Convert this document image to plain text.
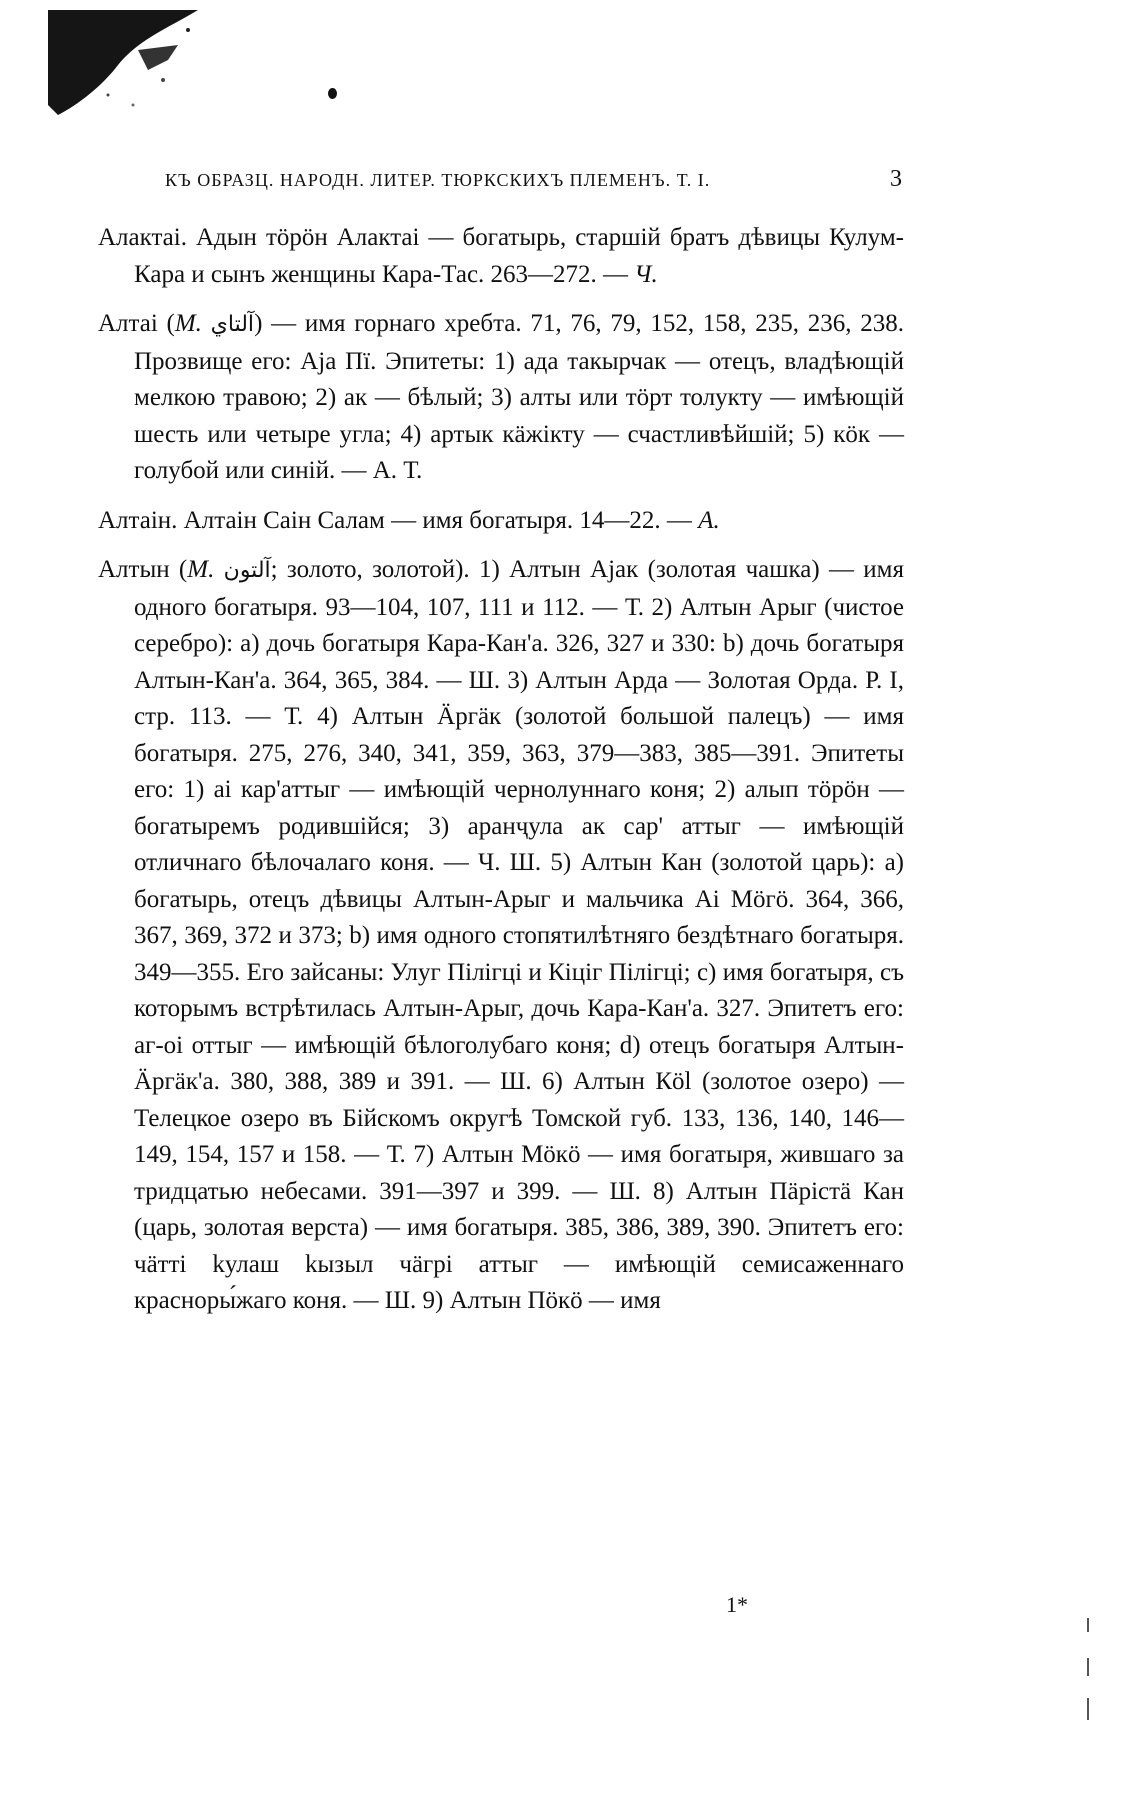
КЪ ОБРАЗЦ. НАРОДН. ЛИТЕР. ТЮРКСКИХЪ ПЛЕМЕНЪ. Т. I.	3

Алактаі. Адын тӧрӧн Алактаі — богатырь, старшій братъ дѣвицы Кулум-Кара и сынъ женщины Кара-Тас. 263—272. — Ч.

Алтаі (М. آلتاي) — имя горнаго хребта. 71, 76, 79, 152, 158, 235, 236, 238. Прозвище его: Аја Пï. Эпитеты: 1) ада такырчак — отецъ, владѣющій мелкою травою; 2) ак — бѣлый; 3) алты или тӧрт толукту — имѣющій шесть или четыре угла; 4) артык кӓжiкту — счастливѣйшій; 5) кӧк — голубой или синій. — А. Т.

Алтаін. Алтаін Саін Салам — имя богатыря. 14—22. — А.

Алтын (М. آلتون; золото, золотой). 1) Алтын Ајак (золотая чашка) — имя одного богатыря. 93—104, 107, 111 и 112. — Т. 2) Алтын Арыг (чистое серебро): a) дочь богатыря Кара-Кан'а. 326, 327 и 330: b) дочь богатыря Алтын-Кан'а. 364, 365, 384. — Ш. 3) Алтын Арда — Золотая Орда. Р. I, стр. 113. — Т. 4) Алтын Ӓргӓк (золотой большой палецъ) — имя богатыря. 275, 276, 340, 341, 359, 363, 379—383, 385—391. Эпитеты его: 1) аі кар'аттыг — имѣющій чернолуннаго коня; 2) алып тӧрӧн — богатыремъ родившійся; 3) аранҷула ак сар' аттыг — имѣющій отличнаго бѣлочалаго коня. — Ч. Ш. 5) Алтын Кан (золотой царь): a) богатырь, отецъ дѣвицы Алтын-Арыг и мальчика Аі Мӧгӧ. 364, 366, 367, 369, 372 и 373; b) имя одного стопятилѣтняго бездѣтнаго богатыря. 349—355. Его зайсаны: Улуг Пiлiгцi и Кiцiг Пiлiгцi; c) имя богатыря, съ которымъ встрѣтилась Алтын-Арыг, дочь Кара-Кан'а. 327. Эпитетъ его: аг-оі оттыг — имѣющій бѣлоголубаго коня; d) отецъ богатыря Алтын-Ӓргӓк'а. 380, 388, 389 и 391. — Ш. 6) Алтын Кӧl (золотое озеро) — Телецкое озеро въ Бійскомъ округѣ Томской губ. 133, 136, 140, 146—149, 154, 157 и 158. — Т. 7) Алтын Мӧкӧ — имя богатыря, жившаго за тридцатью небесами. 391—397 и 399. — Ш. 8) Алтын Пӓрiстӓ Кан (царь, золотая верста) — имя богатыря. 385, 386, 389, 390. Эпитетъ его: чӓттi kулаш kызыл чӓгрi аттыг — имѣющій семисаженнаго красноры́жаго коня. — Ш. 9) Алтын Пӧкӧ — имя

1*
